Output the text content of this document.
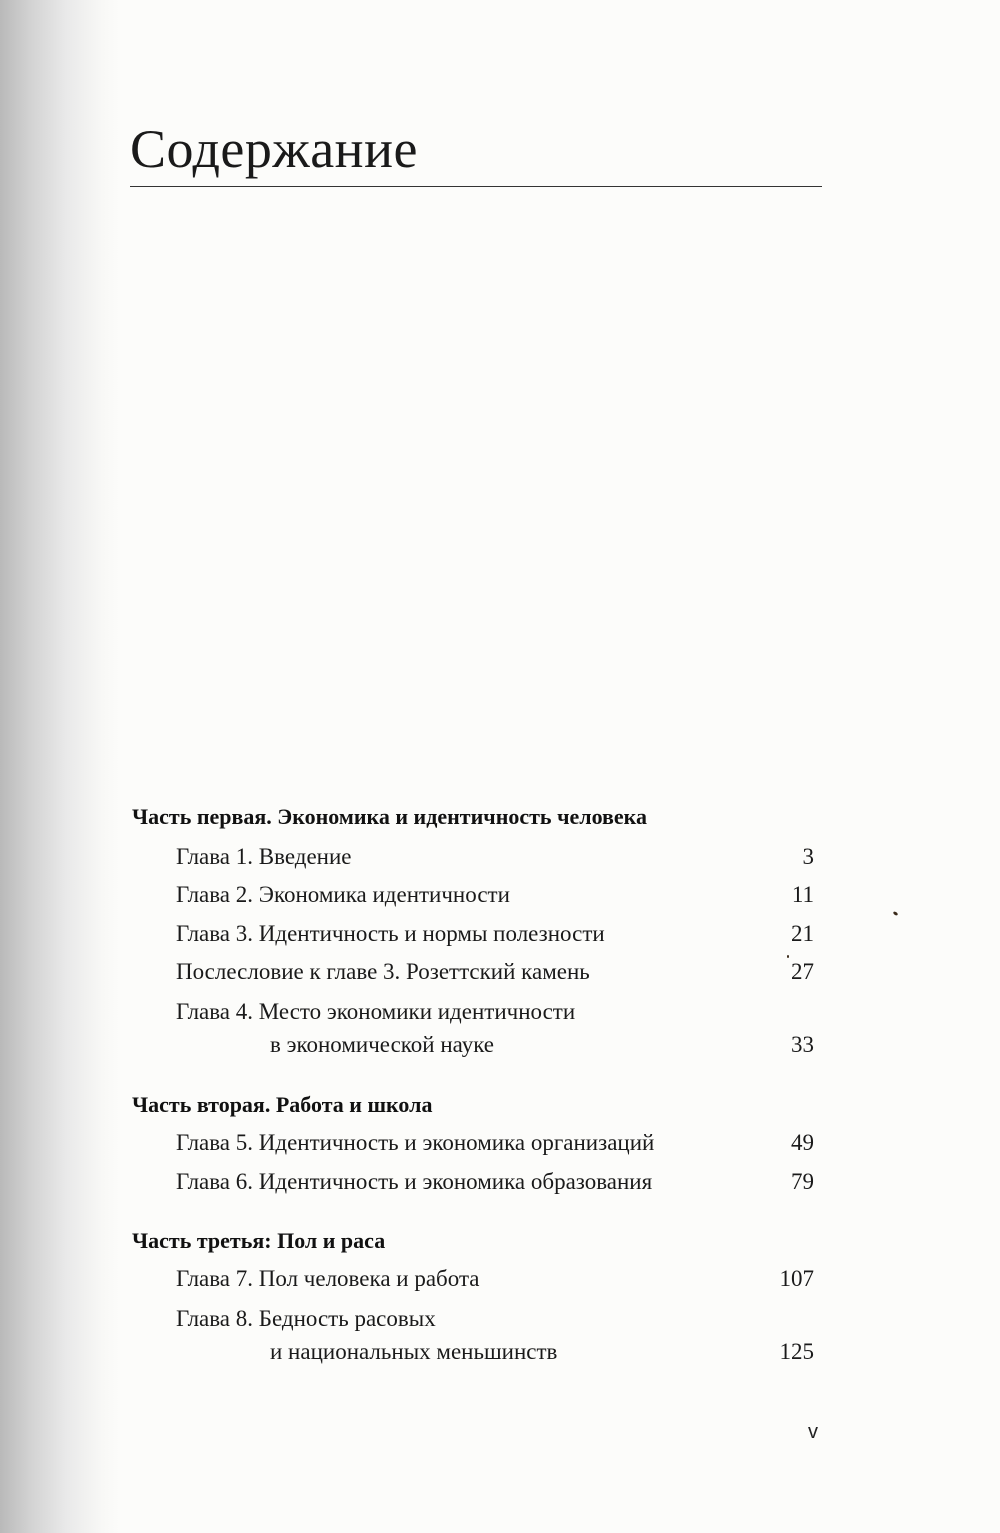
Содержание
Часть первая. Экономика и идентичность человека
Глава 1. Введение	3
Глава 2. Экономика идентичности	11
Глава 3. Идентичность и нормы полезности	21
Послесловие к главе 3. Розеттский камень	27
Глава 4. Место экономики идентичности
в экономической науке	33
Часть вторая. Работа и школа
Глава 5. Идентичность и экономика организаций	49
Глава 6. Идентичность и экономика образования	79
Часть третья: Пол и раса
Глава 7. Пол человека и работа	107
Глава 8. Бедность расовых
и национальных меньшинств	125
v
